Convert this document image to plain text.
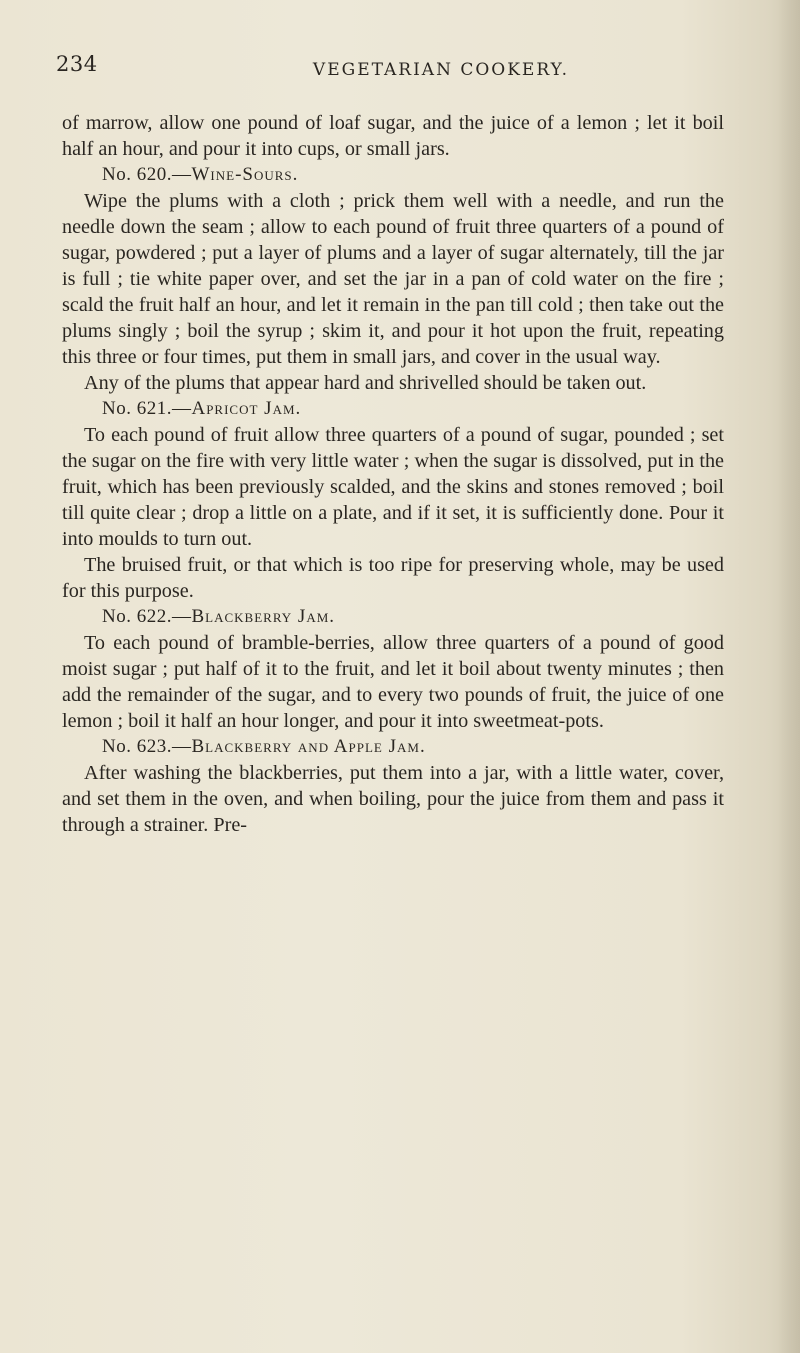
234	VEGETARIAN COOKERY.

of marrow, allow one pound of loaf sugar, and the juice of a lemon ; let it boil half an hour, and pour it into cups, or small jars.

No. 620.—Wine-Sours.

Wipe the plums with a cloth ; prick them well with a needle, and run the needle down the seam ; allow to each pound of fruit three quarters of a pound of sugar, powdered ; put a layer of plums and a layer of sugar alternately, till the jar is full ; tie white paper over, and set the jar in a pan of cold water on the fire ; scald the fruit half an hour, and let it remain in the pan till cold ; then take out the plums singly ; boil the syrup ; skim it, and pour it hot upon the fruit, repeating this three or four times, put them in small jars, and cover in the usual way.

Any of the plums that appear hard and shrivelled should be taken out.

No. 621.—Apricot Jam.

To each pound of fruit allow three quarters of a pound of sugar, pounded ; set the sugar on the fire with very little water ; when the sugar is dissolved, put in the fruit, which has been previously scalded, and the skins and stones removed ; boil till quite clear ; drop a little on a plate, and if it set, it is sufficiently done. Pour it into moulds to turn out.

The bruised fruit, or that which is too ripe for preserving whole, may be used for this purpose.

No. 622.—Blackberry Jam.

To each pound of bramble-berries, allow three quarters of a pound of good moist sugar ; put half of it to the fruit, and let it boil about twenty minutes ; then add the remainder of the sugar, and to every two pounds of fruit, the juice of one lemon ; boil it half an hour longer, and pour it into sweetmeat-pots.

No. 623.—Blackberry and Apple Jam.

After washing the blackberries, put them into a jar, with a little water, cover, and set them in the oven, and when boiling, pour the juice from them and pass it through a strainer. Pre-
